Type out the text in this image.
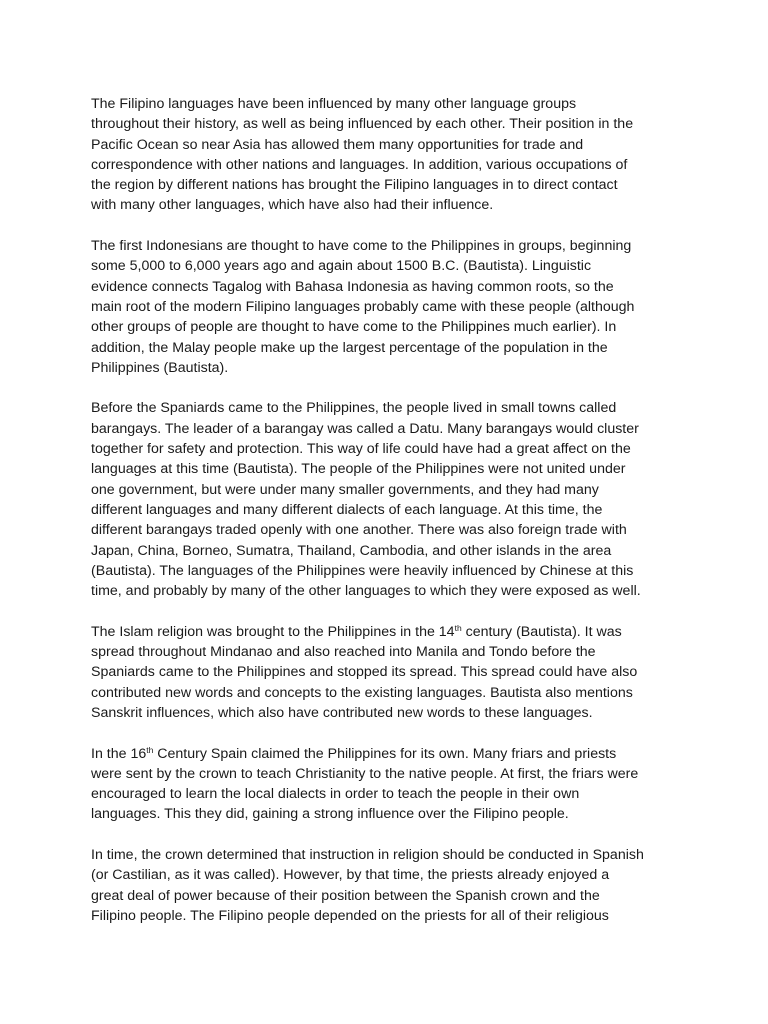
The Filipino languages have been influenced by many other language groups
throughout their history, as well as being influenced by each other. Their position in the
Pacific Ocean so near Asia has allowed them many opportunities for trade and
correspondence with other nations and languages. In addition, various occupations of
the region by different nations has brought the Filipino languages in to direct contact
with many other languages, which have also had their influence.

The first Indonesians are thought to have come to the Philippines in groups, beginning
some 5,000 to 6,000 years ago and again about 1500 B.C. (Bautista). Linguistic
evidence connects Tagalog with Bahasa Indonesia as having common roots, so the
main root of the modern Filipino languages probably came with these people (although
other groups of people are thought to have come to the Philippines much earlier). In
addition, the Malay people make up the largest percentage of the population in the
Philippines (Bautista).

Before the Spaniards came to the Philippines, the people lived in small towns called
barangays. The leader of a barangay was called a Datu. Many barangays would cluster
together for safety and protection. This way of life could have had a great affect on the
languages at this time (Bautista). The people of the Philippines were not united under
one government, but were under many smaller governments, and they had many
different languages and many different dialects of each language. At this time, the
different barangays traded openly with one another. There was also foreign trade with
Japan, China, Borneo, Sumatra, Thailand, Cambodia, and other islands in the area
(Bautista). The languages of the Philippines were heavily influenced by Chinese at this
time, and probably by many of the other languages to which they were exposed as well.

The Islam religion was brought to the Philippines in the 14th century (Bautista). It was
spread throughout Mindanao and also reached into Manila and Tondo before the
Spaniards came to the Philippines and stopped its spread. This spread could have also
contributed new words and concepts to the existing languages. Bautista also mentions
Sanskrit influences, which also have contributed new words to these languages.

In the 16th Century Spain claimed the Philippines for its own. Many friars and priests
were sent by the crown to teach Christianity to the native people. At first, the friars were
encouraged to learn the local dialects in order to teach the people in their own
languages. This they did, gaining a strong influence over the Filipino people.

In time, the crown determined that instruction in religion should be conducted in Spanish
(or Castilian, as it was called). However, by that time, the priests already enjoyed a
great deal of power because of their position between the Spanish crown and the
Filipino people. The Filipino people depended on the priests for all of their religious
